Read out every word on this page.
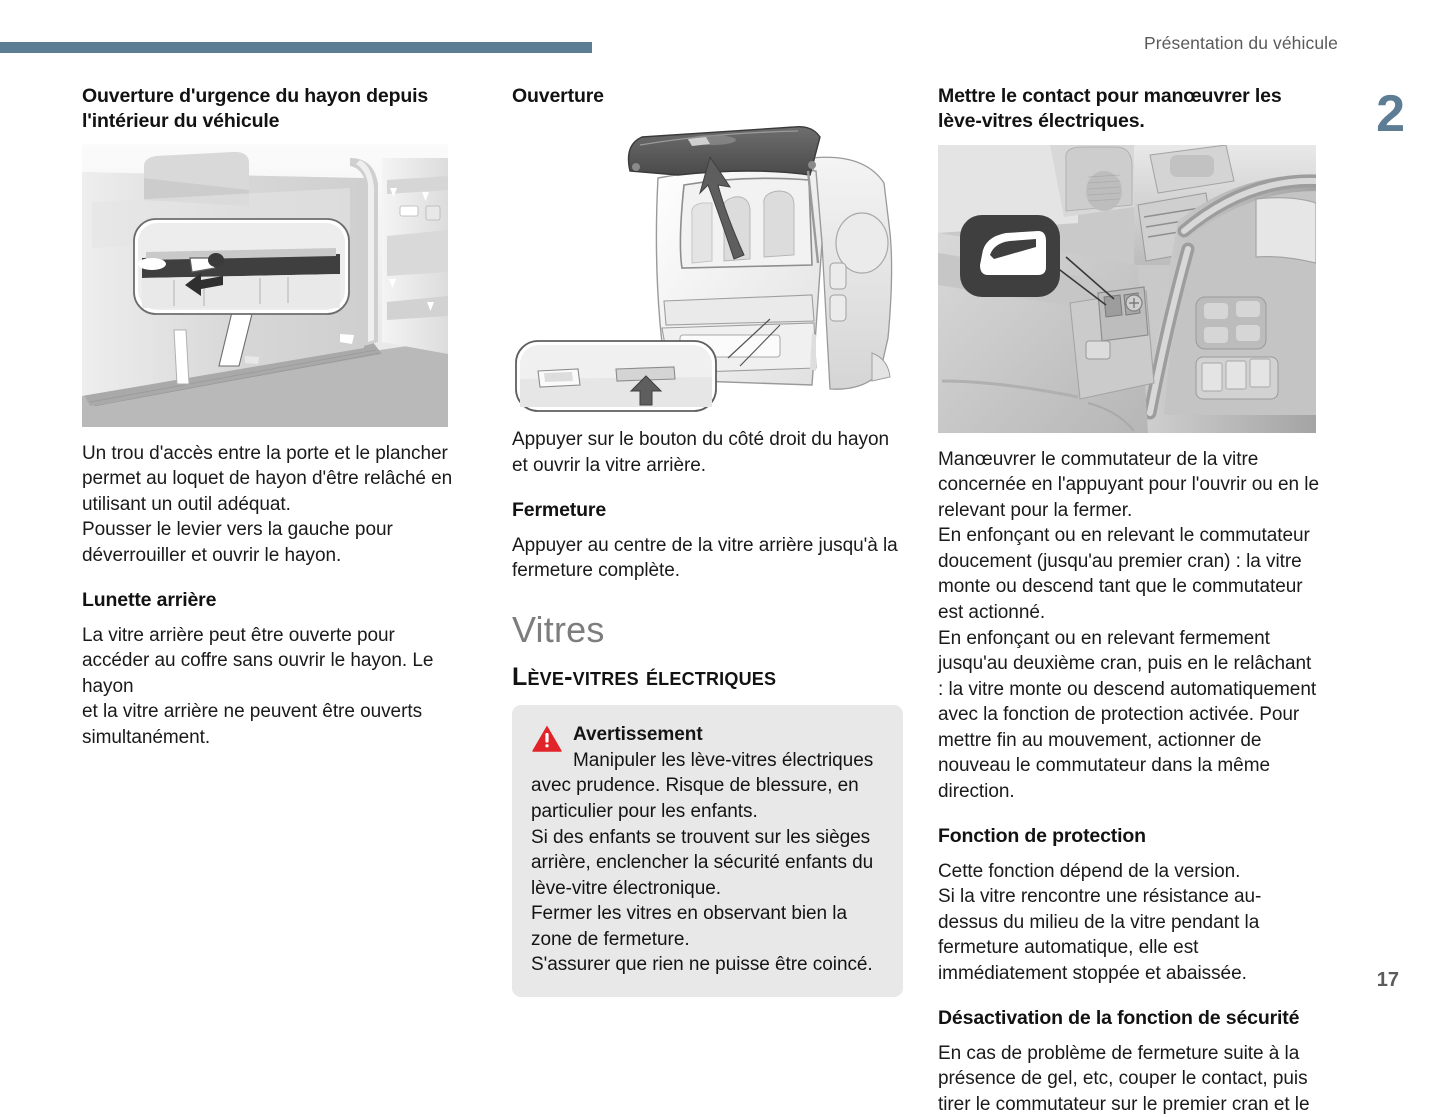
Présentation du véhicule
2
17
Ouverture d'urgence du hayon depuis l'intérieur du véhicule

Un trou d'accès entre la porte et le plancher permet au loquet de hayon d'être relâché en utilisant un outil adéquat.

Pousser le levier vers la gauche pour déverrouiller et ouvrir le hayon.

Lunette arrière

La vitre arrière peut être ouverte pour accéder au coffre sans ouvrir le hayon. Le hayon

et la vitre arrière ne peuvent être ouverts simultanément.

Ouverture

Appuyer sur le bouton du côté droit du hayon et ouvrir la vitre arrière.

Fermeture

Appuyer au centre de la vitre arrière jusqu'à la fermeture complète.

Vitres
Lève-vitres électriques
Avertissement
Manipuler les lève-vitres électriques avec prudence. Risque de blessure, en particulier pour les enfants.
Si des enfants se trouvent sur les sièges arrière, enclencher la sécurité enfants du lève-vitre électronique.
Fermer les vitres en observant bien la zone de fermeture.
S'assurer que rien ne puisse être coincé.
Mettre le contact pour manœuvrer les lève-vitres électriques.

Manœuvrer le commutateur de la vitre concernée en l'appuyant pour l'ouvrir ou en le relevant pour la fermer.

En enfonçant ou en relevant le commutateur doucement (jusqu'au premier cran) : la vitre monte ou descend tant que le commutateur est actionné.

En enfonçant ou en relevant fermement jusqu'au deuxième cran, puis en le relâchant : la vitre monte ou descend automatiquement avec la fonction de protection activée. Pour mettre fin au mouvement, actionner de nouveau le commutateur dans la même direction.

Fonction de protection

Cette fonction dépend de la version.

Si la vitre rencontre une résistance au-dessus du milieu de la vitre pendant la fermeture automatique, elle est immédiatement stoppée et abaissée.

Désactivation de la fonction de sécurité

En cas de problème de fermeture suite à la présence de gel, etc, couper le contact, puis tirer le commutateur sur le premier cran et le
